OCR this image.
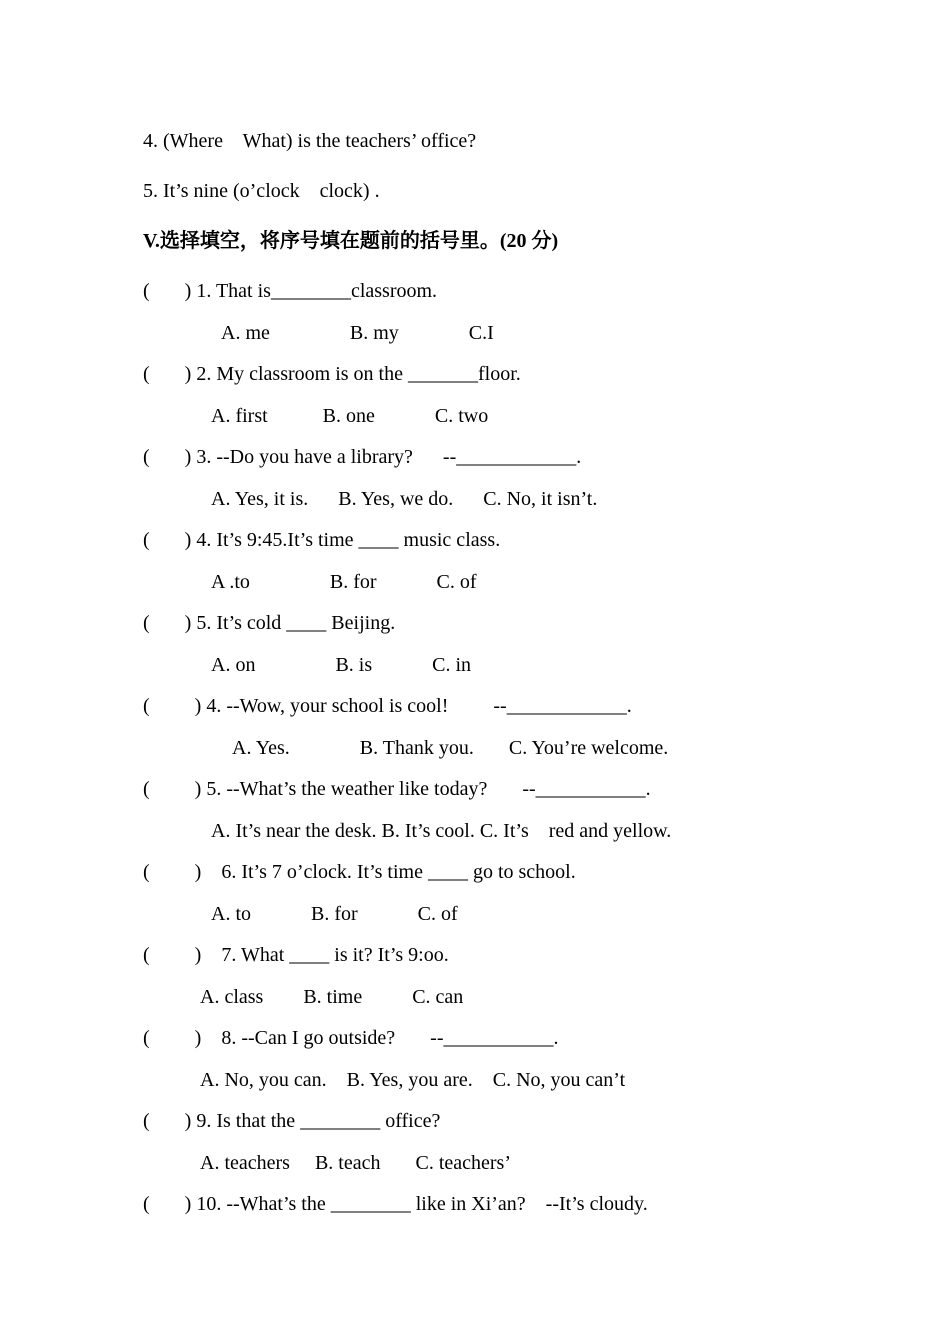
4. (Where    What) is the teachers’ office?
5. It’s nine (o’clock    clock) .
V.选择填空，将序号填在题前的括号里。(20 分)
(       ) 1. That is________classroom.
A. me                B. my              C.I
(       ) 2. My classroom is on the _______floor.
A. first           B. one            C. two
(       ) 3. --Do you have a library?      --____________.
A. Yes, it is.      B. Yes, we do.      C. No, it isn’t.
(       ) 4. It’s 9:45.It’s time ____ music class.
A .to                B. for            C. of
(       ) 5. It’s cold ____ Beijing.
A. on                B. is            C. in
(         ) 4. --Wow, your school is cool!         --____________.
A. Yes.              B. Thank you.       C. You’re welcome.
(         ) 5. --What’s the weather like today?       --___________.
A. It’s near the desk. B. It’s cool. C. It’s    red and yellow.
(         )    6. It’s 7 o’clock. It’s time ____ go to school.
A. to            B. for            C. of
(         )    7. What ____ is it? It’s 9:oo.
A. class        B. time          C. can
(         )    8. --Can I go outside?       --___________.
A. No, you can.    B. Yes, you are.    C. No, you can’t
(       ) 9. Is that the ________ office?
A. teachers     B. teach       C. teachers’
(       ) 10. --What’s the ________ like in Xi’an?    --It’s cloudy.
